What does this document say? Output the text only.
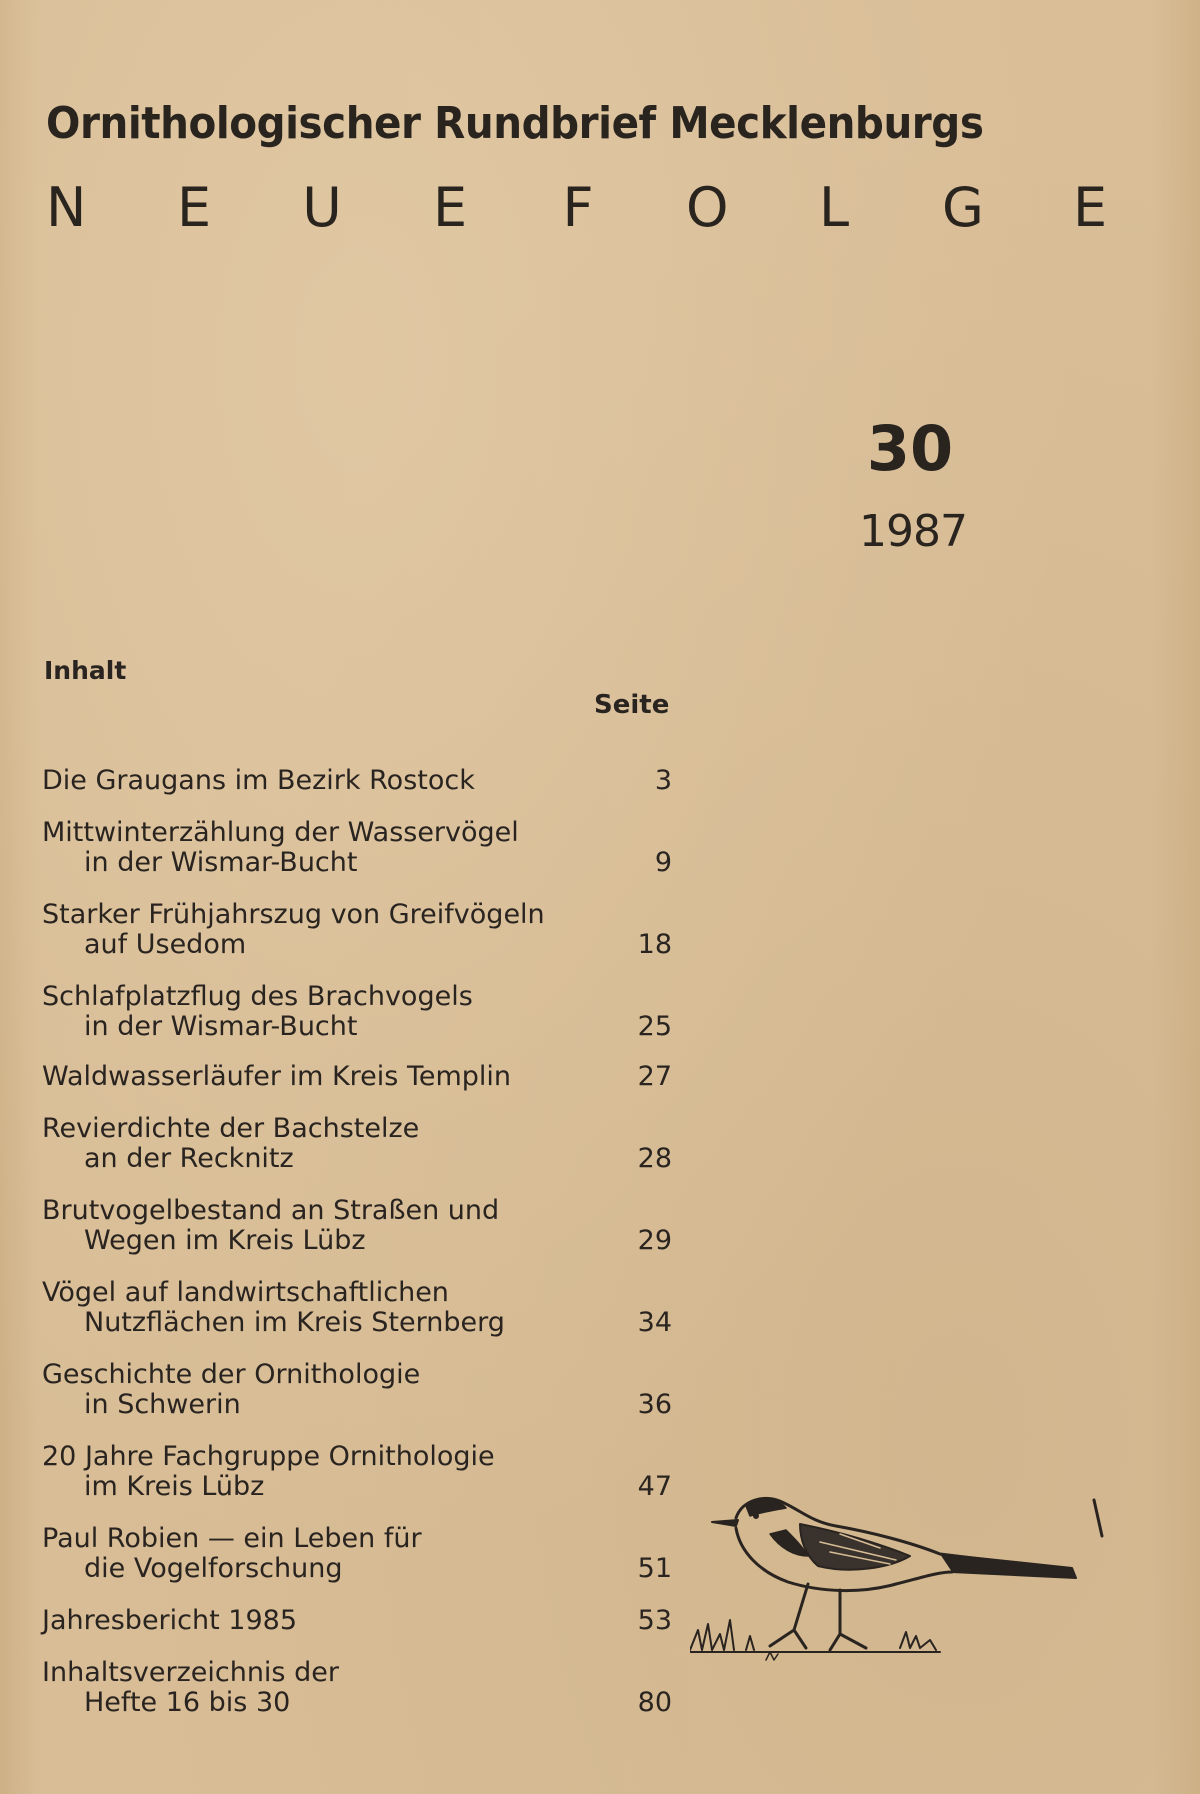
Ornithologischer Rundbrief Mecklenburgs
N E U E F O L G E
30
1987
Inhalt
Seite
Die Graugans im Bezirk Rostock	3
Mittwinterzählung der Wasservögel
in der Wismar-Bucht	9
Starker Frühjahrszug von Greifvögeln
auf Usedom	18
Schlafplatzflug des Brachvogels
in der Wismar-Bucht	25
Waldwasserläufer im Kreis Templin	27
Revierdichte der Bachstelze
an der Recknitz	28
Brutvogelbestand an Straßen und
Wegen im Kreis Lübz	29
Vögel auf landwirtschaftlichen
Nutzflächen im Kreis Sternberg	34
Geschichte der Ornithologie
in Schwerin	36
20 Jahre Fachgruppe Ornithologie
im Kreis Lübz	47
Paul Robien — ein Leben für
die Vogelforschung	51
Jahresbericht 1985	53
Inhaltsverzeichnis der
Hefte 16 bis 30	80
